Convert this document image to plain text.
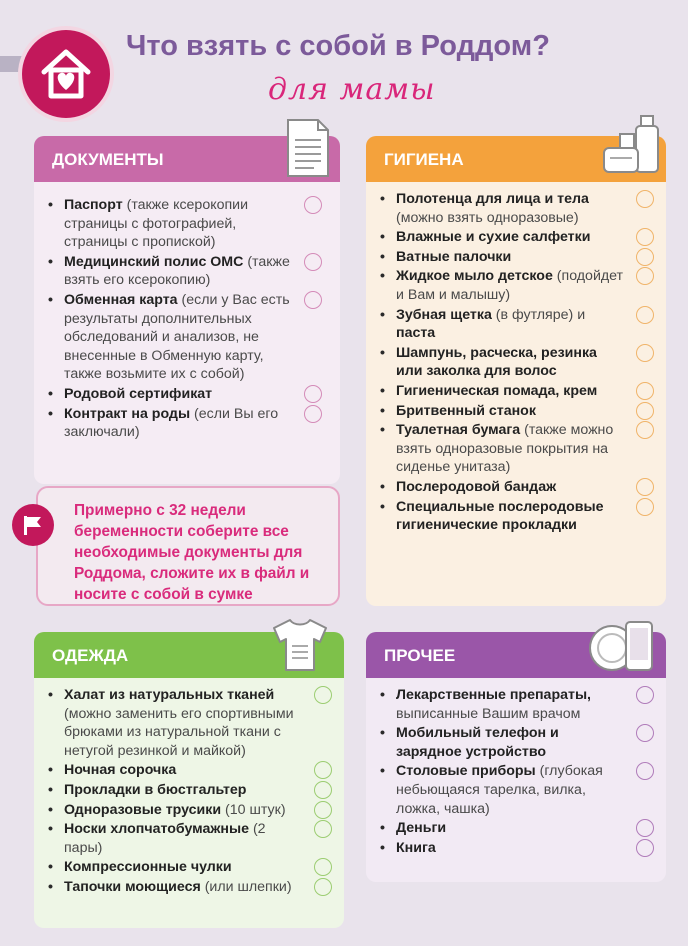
Что взять с собой в Роддом?
для мамы
ДОКУМЕНТЫ
• Паспорт (также ксерокопии страницы с фотографией, страницы с пропиской)
• Медицинский полис ОМС (также взять его ксерокопию)
• Обменная карта (если у Вас есть результаты дополнительных обследований и анализов, не внесенные в Обменную карту, также возьмите их с собой)
• Родовой сертификат
• Контракт на роды (если Вы его заключали)
Примерно с 32 недели беременности соберите все необходимые документы для Роддома, сложите их в файл и носите с собой в сумке
ГИГИЕНА
• Полотенца для лица и тела (можно взять одноразовые)
• Влажные и сухие салфетки
• Ватные палочки
• Жидкое мыло детское (подойдет и Вам и малышу)
• Зубная щетка (в футляре) и паста
• Шампунь, расческа, резинка или заколка для волос
• Гигиеническая помада, крем
• Бритвенный станок
• Туалетная бумага (также можно взять одноразовые покрытия на сиденье унитаза)
• Послеродовой бандаж
• Специальные послеродовые гигиенические прокладки
ОДЕЖДА
• Халат из натуральных тканей (можно заменить его спортивными брюками из натуральной ткани с нетугой резинкой и майкой)
• Ночная сорочка
• Прокладки в бюстгальтер
• Одноразовые трусики (10 штук)
• Носки хлопчатобумажные (2 пары)
• Компрессионные чулки
• Тапочки моющиеся (или шлепки)
ПРОЧЕЕ
• Лекарственные препараты, выписанные Вашим врачом
• Мобильный телефон и зарядное устройство
• Столовые приборы (глубокая небьющаяся тарелка, вилка, ложка, чашка)
• Деньги
• Книга
